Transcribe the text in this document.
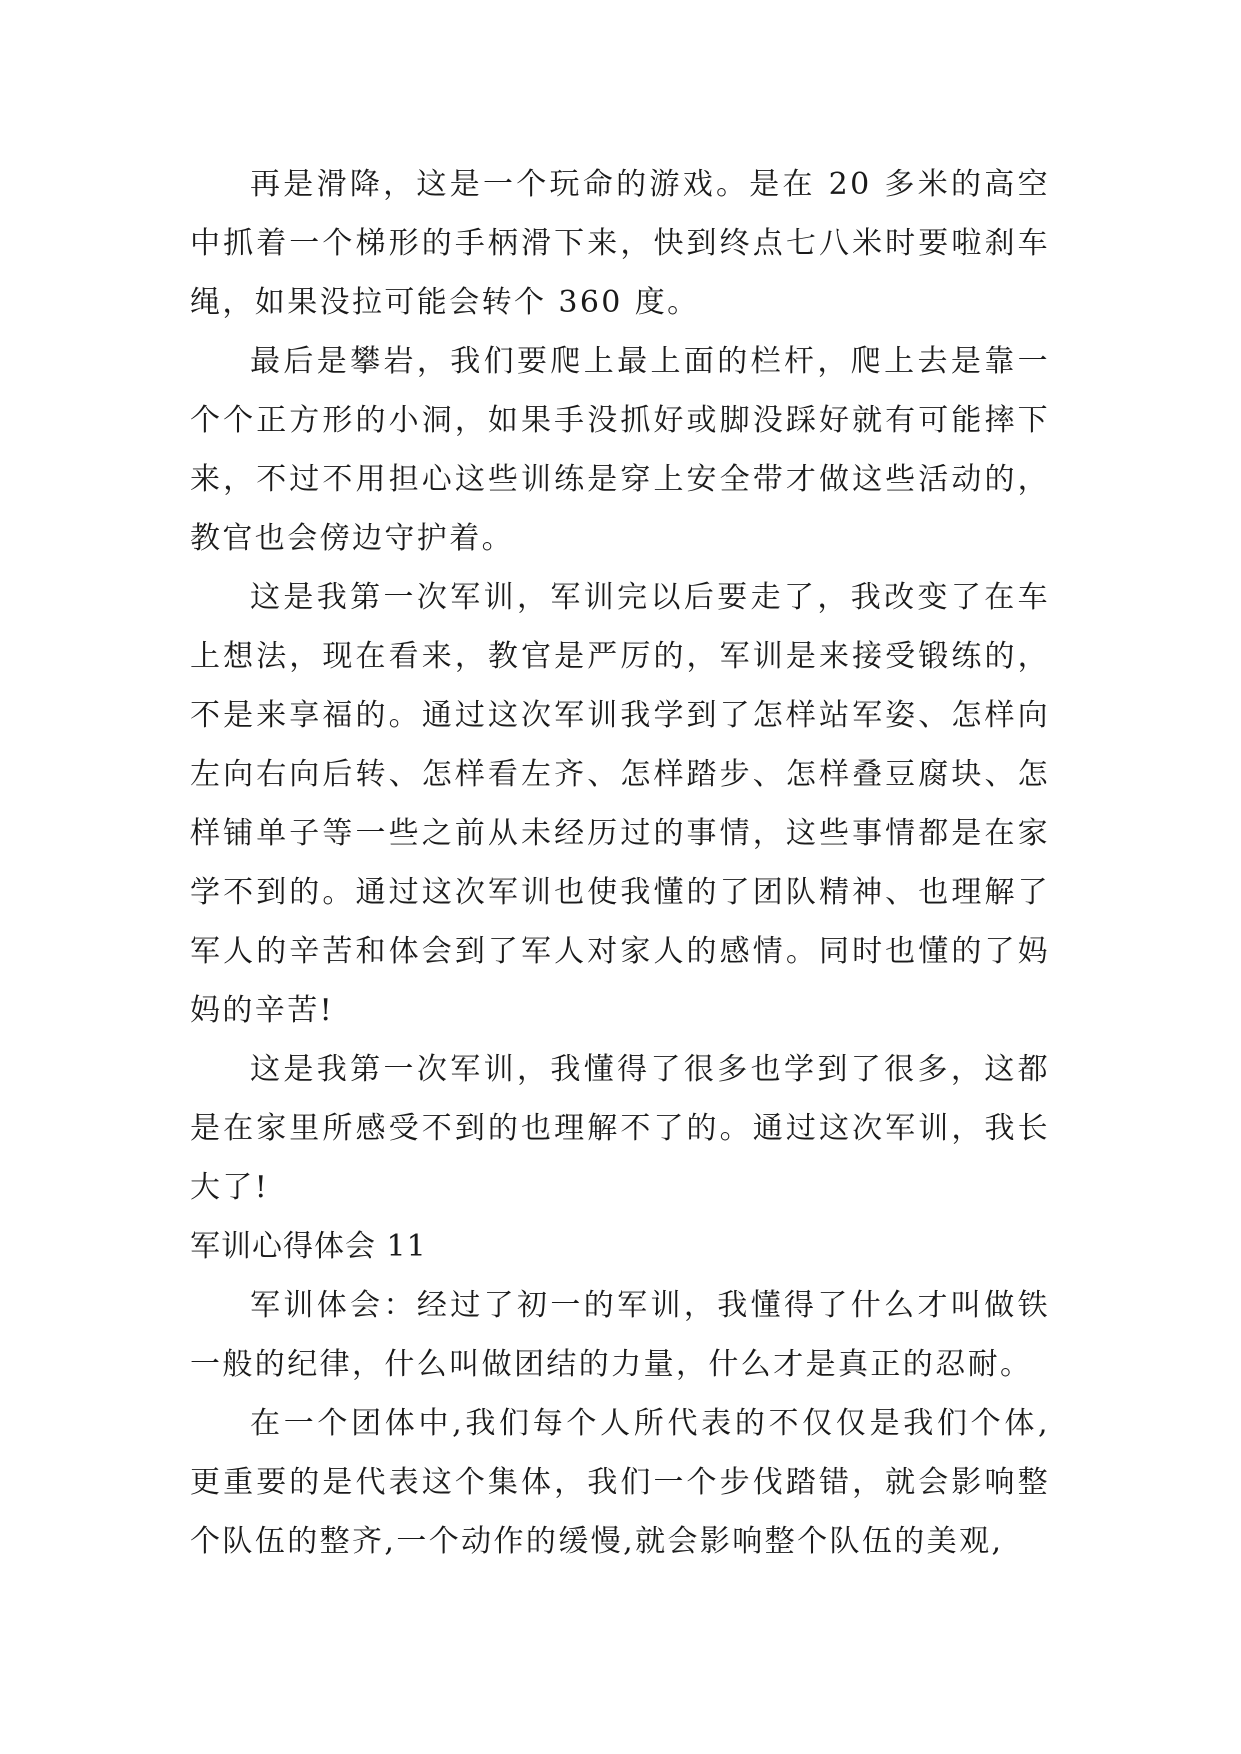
再是滑降，这是一个玩命的游戏。是在 20 多米的高空中抓着一个梯形的手柄滑下来，快到终点七八米时要啦刹车绳，如果没拉可能会转个 360 度。

最后是攀岩，我们要爬上最上面的栏杆，爬上去是靠一个个正方形的小洞，如果手没抓好或脚没踩好就有可能摔下来，不过不用担心这些训练是穿上安全带才做这些活动的，教官也会傍边守护着。

这是我第一次军训，军训完以后要走了，我改变了在车上想法，现在看来，教官是严厉的，军训是来接受锻练的，不是来享福的。通过这次军训我学到了怎样站军姿、怎样向左向右向后转、怎样看左齐、怎样踏步、怎样叠豆腐块、怎样铺单子等一些之前从未经历过的事情，这些事情都是在家学不到的。通过这次军训也使我懂的了团队精神、也理解了军人的辛苦和体会到了军人对家人的感情。同时也懂的了妈妈的辛苦!

这是我第一次军训，我懂得了很多也学到了很多，这都是在家里所感受不到的也理解不了的。通过这次军训，我长大了!

军训心得体会 11

军训体会：经过了初一的军训，我懂得了什么才叫做铁一般的纪律，什么叫做团结的力量，什么才是真正的忍耐。

在一个团体中,我们每个人所代表的不仅仅是我们个体,更重要的是代表这个集体，我们一个步伐踏错，就会影响整个队伍的整齐,一个动作的缓慢,就会影响整个队伍的美观,
